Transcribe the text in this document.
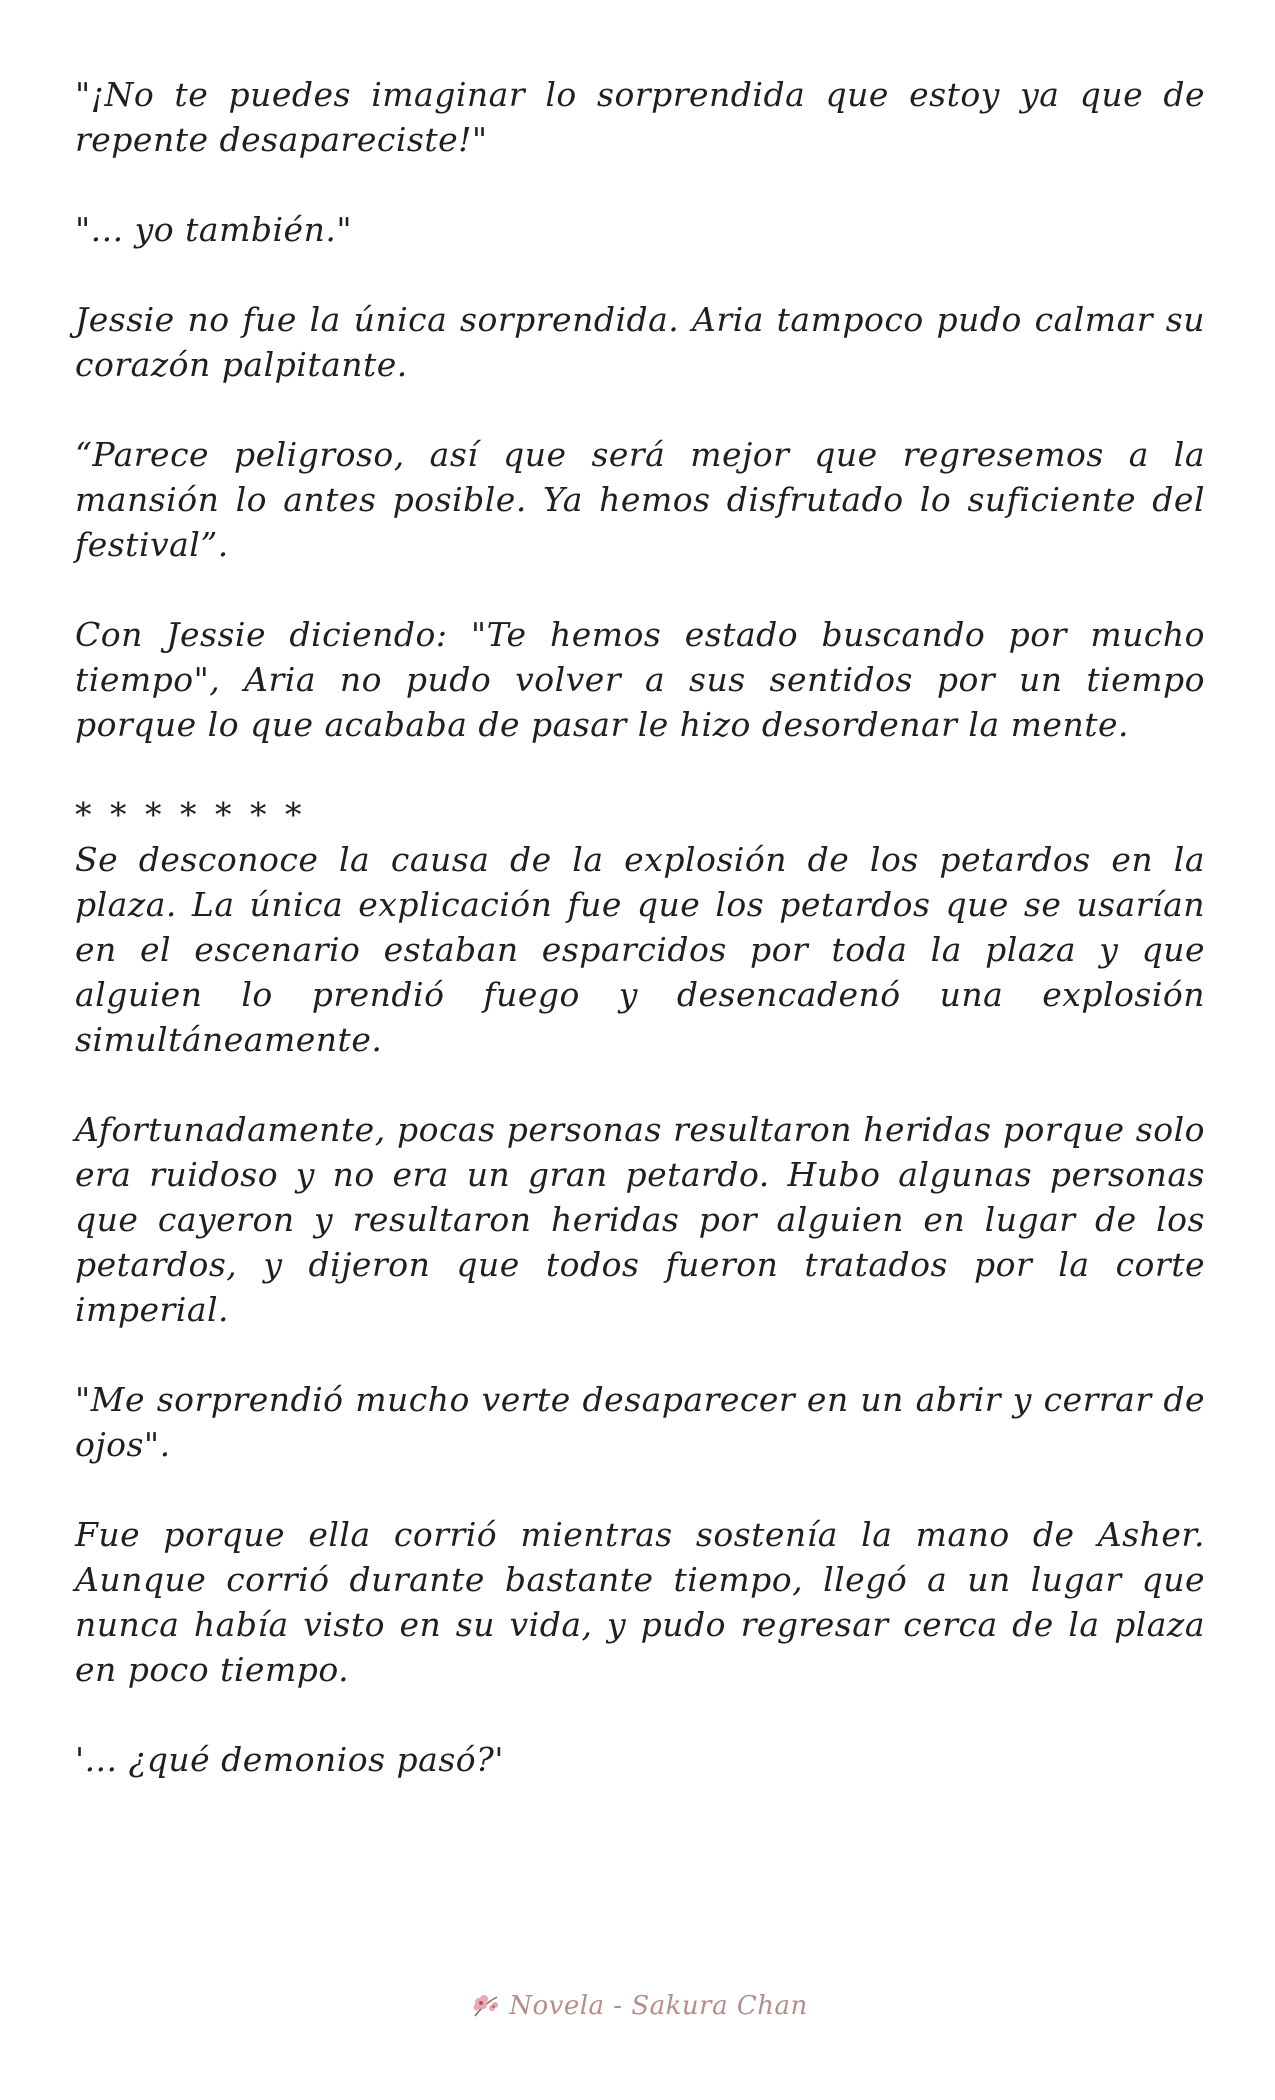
"¡No te puedes imaginar lo sorprendida que estoy ya que de repente desapareciste!"

"... yo también."

Jessie no fue la única sorprendida. Aria tampoco pudo calmar su corazón palpitante.

“Parece peligroso, así que será mejor que regresemos a la mansión lo antes posible. Ya hemos disfrutado lo suficiente del festival”.

Con Jessie diciendo: "Te hemos estado buscando por mucho tiempo", Aria no pudo volver a sus sentidos por un tiempo porque lo que acababa de pasar le hizo desordenar la mente.

* * * * * * *

Se desconoce la causa de la explosión de los petardos en la plaza. La única explicación fue que los petardos que se usarían en el escenario estaban esparcidos por toda la plaza y que alguien lo prendió fuego y desencadenó una explosión simultáneamente.

Afortunadamente, pocas personas resultaron heridas porque solo era ruidoso y no era un gran petardo. Hubo algunas personas que cayeron y resultaron heridas por alguien en lugar de los petardos, y dijeron que todos fueron tratados por la corte imperial.

"Me sorprendió mucho verte desaparecer en un abrir y cerrar de ojos".

Fue porque ella corrió mientras sostenía la mano de Asher. Aunque corrió durante bastante tiempo, llegó a un lugar que nunca había visto en su vida, y pudo regresar cerca de la plaza en poco tiempo.

'... ¿qué demonios pasó?'

Novela - Sakura Chan
